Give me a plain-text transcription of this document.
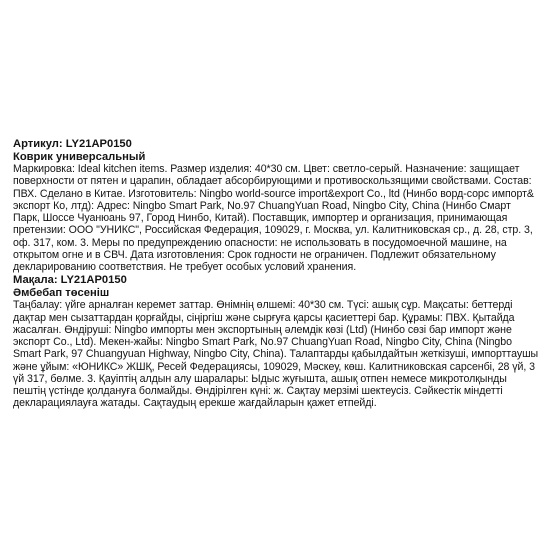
Артикул: LY21AP0150

Коврик универсальный

Маркировка: Ideal kitchen items. Размер изделия: 40*30 см. Цвет: светло-серый. Назначение: защищает поверхности от пятен и царапин, обладает абсорбирующими и противоскользящими свойствами. Состав: ПВХ. Сделано в Китае. Изготовитель: Ningbo world-source import&export Co., ltd (Нинбо ворд-сорс импорт& экспорт Ко, лтд): Адрес: Ningbo Smart Park, No.97 ChuangYuan Road, Ningbo City, China (Нинбо Смарт Парк, Шоссе Чуанюань 97, Город Нинбо, Китай). Поставщик, импортер и организация, принимающая претензии: ООО "УНИКС", Российская Федерация, 109029, г. Москва, ул. Калитниковская ср., д. 28, стр. 3, оф. 317, ком. 3. Меры по предупреждению опасности: не использовать в посудомоечной машине, на открытом огне и в СВЧ. Дата изготовления: Срок годности не ограничен. Подлежит обязательному декларированию соответствия. Не требует особых условий хранения.

Мақала: LY21AP0150

Әмбебап төсеніш

Таңбалау: үйге арналған керемет заттар. Өнімнің өлшемі: 40*30 см. Түсі: ашық сұр. Мақсаты: беттерді дақтар мен сызаттардан қорғайды, сіңіргіш және сырғуға қарсы қасиеттері бар. Құрамы: ПВХ. Қытайда жасалған. Өндіруші: Ningbo импорты мен экспортының әлемдік көзі (Ltd) (Нинбо сөзі бар импорт және экспорт Co., Ltd). Мекен-жайы: Ningbo Smart Park, No.97 ChuangYuan Road, Ningbo City, China (Ningbo Smart Park, 97 Chuangyuan Highway, Ningbo City, China). Талаптарды қабылдайтын жеткізуші, импорттаушы және ұйым: «ЮНИКС» ЖШҚ, Ресей Федерациясы, 109029, Мәскеу, көш. Калитниковская сарсенбі, 28 үй, 3 үй 317, бөлме. 3. Қауіптің алдын алу шаралары: Ыдыс жуғышта, ашық отпен немесе микротолқынды пештің үстінде қолдануға болмайды. Өндірілген күні: ж. Сақтау мерзімі шектеусіз. Сәйкестік міндетті декларациялауға жатады. Сақтаудың ерекше жағдайларын қажет етпейді.
